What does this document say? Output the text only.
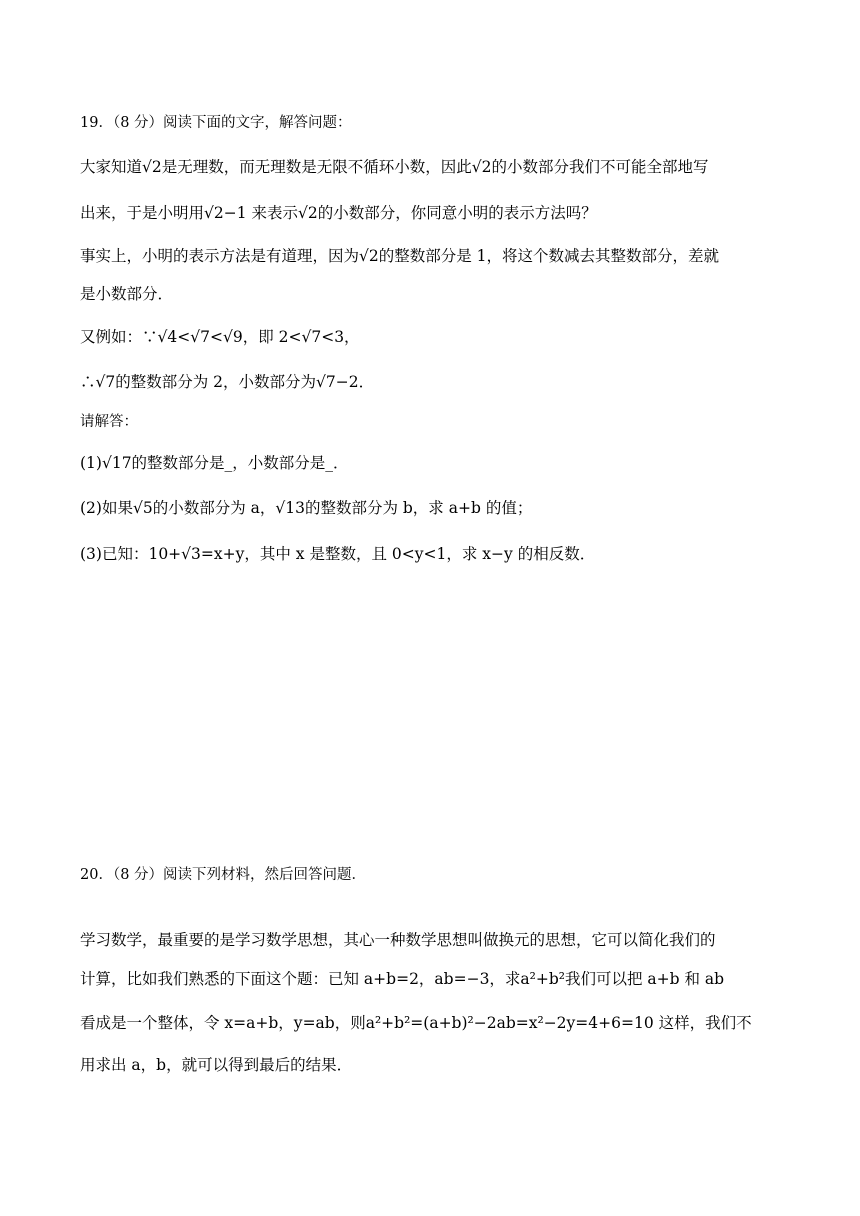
19．（8 分）阅读下面的文字，解答问题：
大家知道√2是无理数，而无理数是无限不循环小数，因此√2的小数部分我们不可能全部地写
出来，于是小明用√2−1 来表示√2的小数部分，你同意小明的表示方法吗？
事实上，小明的表示方法是有道理，因为√2的整数部分是 1，将这个数减去其整数部分，差就
是小数部分．
又例如：∵√4<√7<√9，即 2<√7<3，
∴√7的整数部分为 2，小数部分为√7−2．
请解答：
(1)√17的整数部分是_，小数部分是_．
(2)如果√5的小数部分为 a，√13的整数部分为 b，求 a+b 的值；
(3)已知：10+√3=x+y，其中 x 是整数，且 0<y<1，求 x−y 的相反数．
20．（8 分）阅读下列材料，然后回答问题．
学习数学，最重要的是学习数学思想，其心一种数学思想叫做换元的思想，它可以简化我们的
计算，比如我们熟悉的下面这个题：已知 a+b=2，ab=−3，求a²+b²我们可以把 a+b 和 ab
看成是一个整体，令 x=a+b，y=ab，则a²+b²=(a+b)²−2ab=x²−2y=4+6=10 这样，我们不
用求出 a，b，就可以得到最后的结果．
